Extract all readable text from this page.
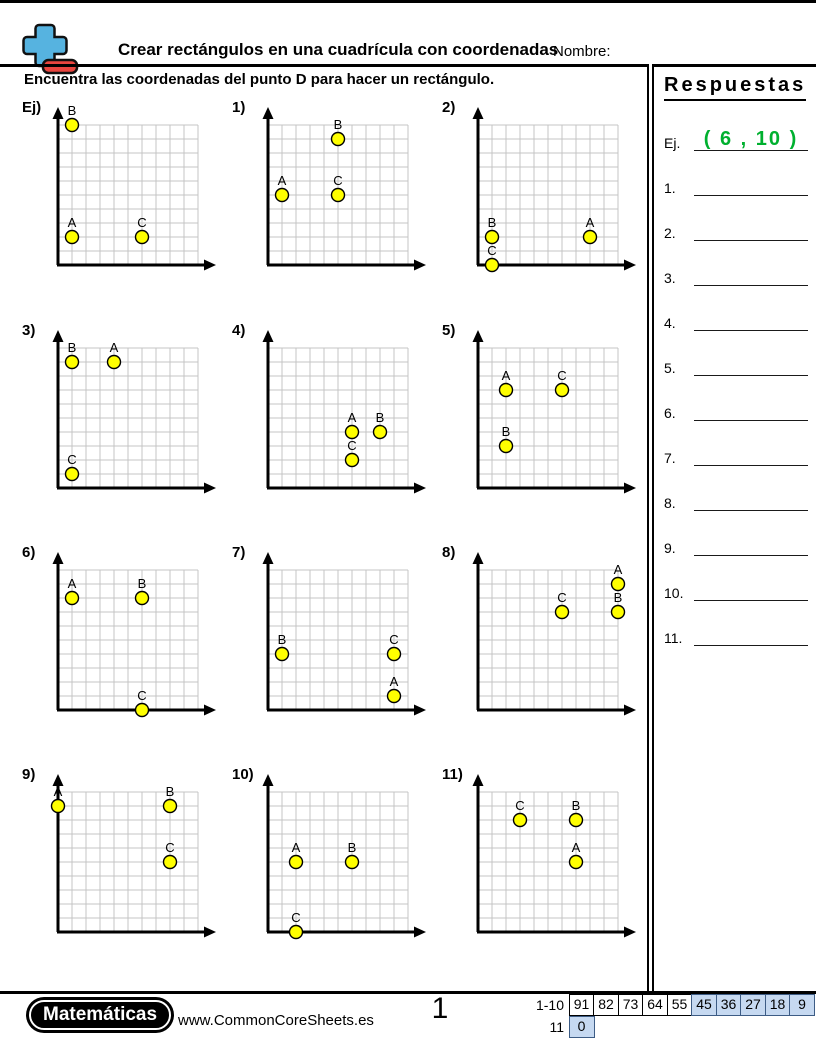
Crear rectángulos en una cuadrícula con coordenadas
Nombre:
Encuentra las coordenadas del punto D para hacer un rectángulo.
Ej) B
A	C
1)
B
A	C
2)
B	A
C
3)
B	A
C
4)
A B
C
5)
A	C
B
6)
A	B
C
7)
B	C
A
8)
A
B
C
9)
A	B
C
10)
A	B
C
11)
C	B
A
Respuestas
Ej.	( 6 , 10 )
1.
2.
3.
4.
5.
6.
7.
8.
9.
10.
11.
Matemáticas	www.CommonCoreSheets.es	1	1-10 91 82 73 64 55 45 36 27 18 9
11 0
